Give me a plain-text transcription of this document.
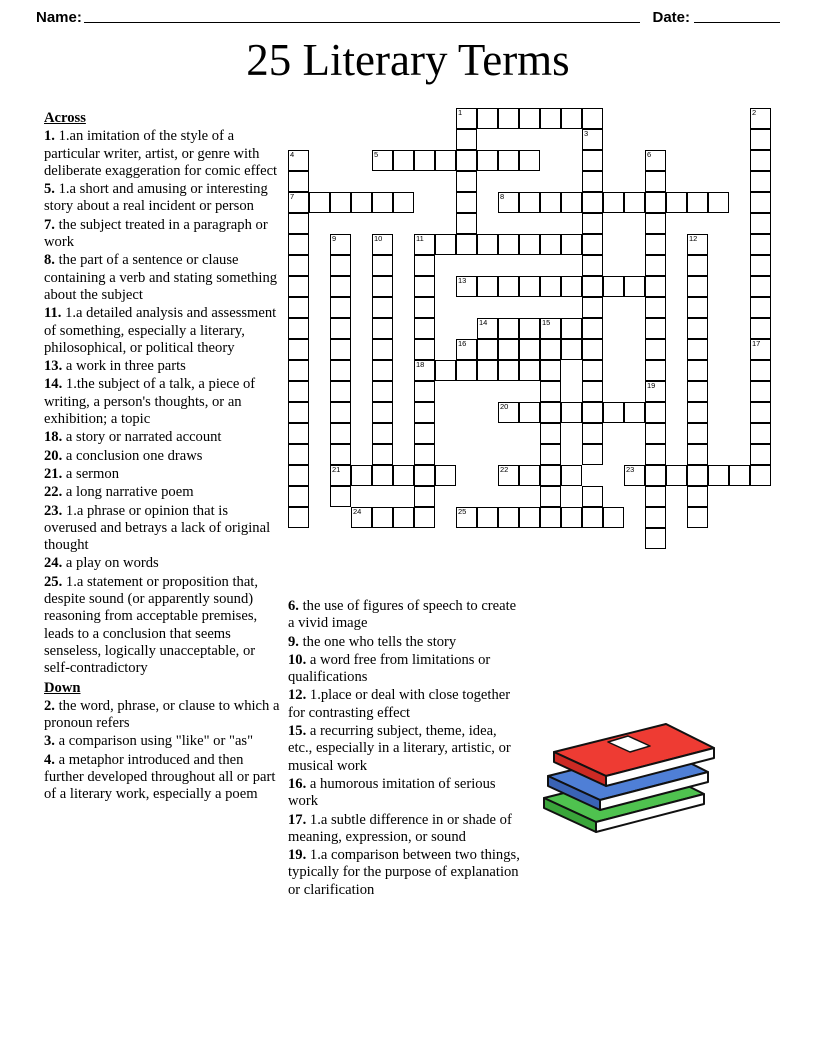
Name:	Date:
25 Literary Terms
Across
1. 1.an imitation of the style of a particular writer, artist, or genre with deliberate exaggeration for comic effect
5. 1.a short and amusing or interesting story about a real incident or person
7. the subject treated in a paragraph or work
8. the part of a sentence or clause containing a verb and stating something about the subject
11. 1.a detailed analysis and assessment of something, especially a literary, philosophical, or political theory
13. a work in three parts
14. 1.the subject of a talk, a piece of writing, a person's thoughts, or an exhibition; a topic
18. a story or narrated account
20. a conclusion one draws
21. a sermon
22. a long narrative poem
23. 1.a phrase or opinion that is overused and betrays a lack of original thought
24. a play on words
25. 1.a statement or proposition that, despite sound (or apparently sound) reasoning from acceptable premises, leads to a conclusion that seems senseless, logically unacceptable, or self-contradictory
Down
2. the word, phrase, or clause to which a pronoun refers
3. a comparison using "like" or "as"
4. a metaphor introduced and then further developed throughout all or part of a literary work, especially a poem
6. the use of figures of speech to create a vivid image
9. the one who tells the story
10. a word free from limitations or qualifications
12. 1.place or deal with close together for contrasting effect
15. a recurring subject, theme, idea, etc., especially in a literary, artistic, or musical work
16. a humorous imitation of serious work
17. 1.a subtle difference in or shade of meaning, expression, or sound
19. 1.a comparison between two things, typically for the purpose of explanation or clarification
1	2
3
4	5	6
7	8
9	10	11	12
13
14	15
16	17
18
19
20
21	22	23
24	25
